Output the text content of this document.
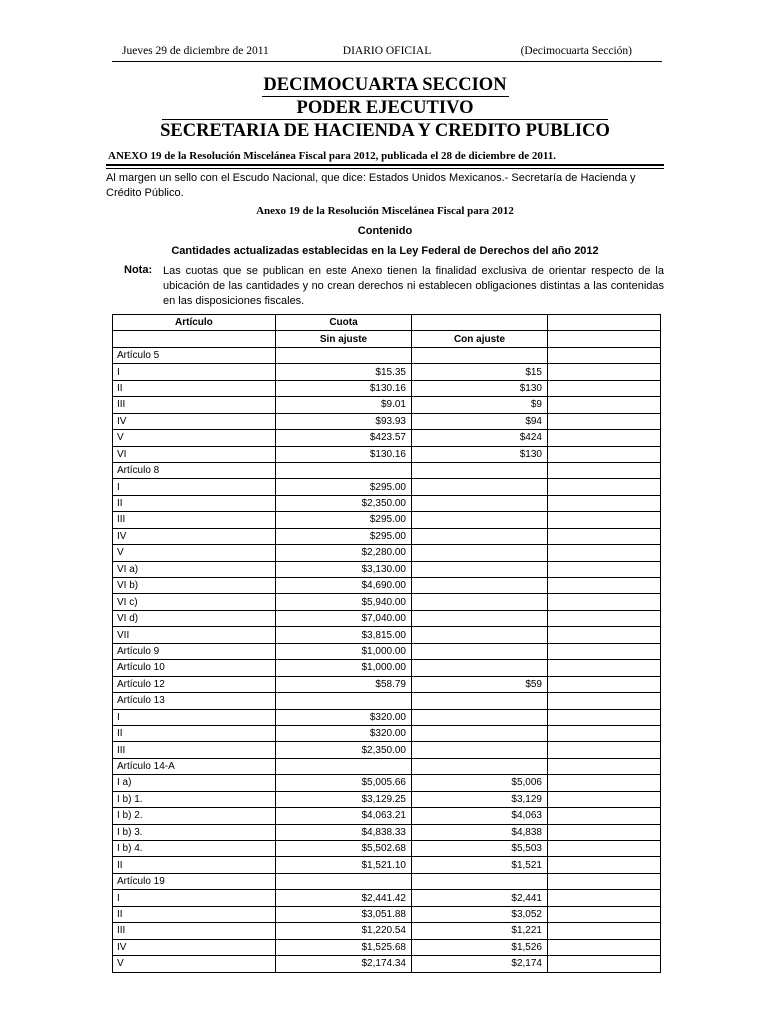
Jueves 29 de diciembre de 2011	DIARIO OFICIAL	(Decimocuarta Sección)
DECIMOCUARTA SECCION
PODER EJECUTIVO
SECRETARIA DE HACIENDA Y CREDITO PUBLICO
ANEXO 19 de la Resolución Miscelánea Fiscal para 2012, publicada el 28 de diciembre de 2011.
Al margen un sello con el Escudo Nacional, que dice: Estados Unidos Mexicanos.- Secretaría de Hacienda y Crédito Público.
Anexo 19 de la Resolución Miscelánea Fiscal para 2012
Contenido
Cantidades actualizadas establecidas en la Ley Federal de Derechos del año 2012
Nota: Las cuotas que se publican en este Anexo tienen la finalidad exclusiva de orientar respecto de la ubicación de las cantidades y no crean derechos ni establecen obligaciones distintas a las contenidas en las disposiciones fiscales.
Artículo	Cuota		
	Sin ajuste	Con ajuste	
Artículo 5			
I	$15.35	$15	
II	$130.16	$130	
III	$9.01	$9	
IV	$93.93	$94	
V	$423.57	$424	
VI	$130.16	$130	
Artículo 8			
I	$295.00		
II	$2,350.00		
III	$295.00		
IV	$295.00		
V	$2,280.00		
VI a)	$3,130.00		
VI b)	$4,690.00		
VI c)	$5,940.00		
VI d)	$7,040.00		
VII	$3,815.00		
Artículo 9	$1,000.00		
Artículo 10	$1,000.00		
Artículo 12	$58.79	$59	
Artículo 13			
I	$320.00		
II	$320.00		
III	$2,350.00		
Artículo 14-A			
I a)	$5,005.66	$5,006	
I b) 1.	$3,129.25	$3,129	
I b) 2.	$4,063.21	$4,063	
I b) 3.	$4,838.33	$4,838	
I b) 4.	$5,502.68	$5,503	
II	$1,521.10	$1,521	
Artículo 19			
I	$2,441.42	$2,441	
II	$3,051.88	$3,052	
III	$1,220.54	$1,221	
IV	$1,525.68	$1,526	
V	$2,174.34	$2,174	
